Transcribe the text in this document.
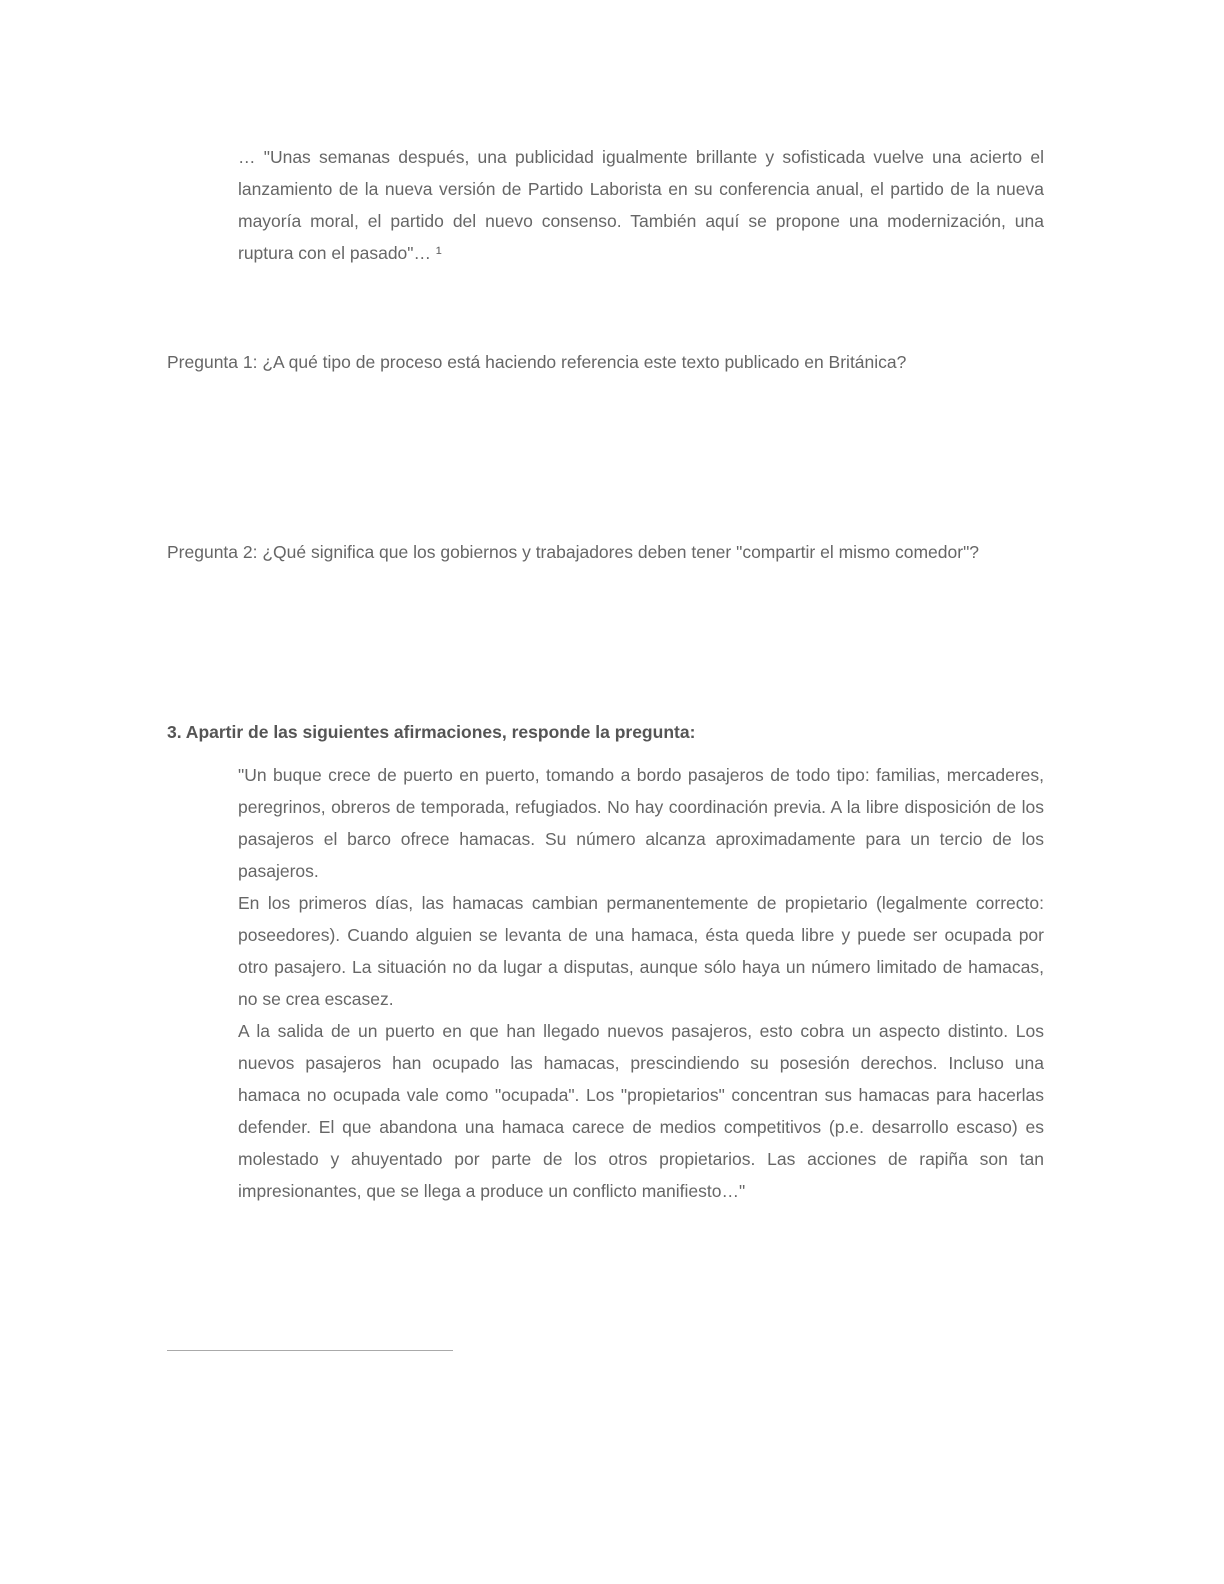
… "Unas semanas después, una publicidad igualmente brillante y sofisticada vuelve una acierto el lanzamiento de la nueva versión de Partido Laborista en su conferencia anual, el partido de la nueva mayoría moral, el partido del nuevo consenso. También aquí se propone una modernización, una ruptura con el pasado"… ¹

Pregunta 1: ¿A qué tipo de proceso está haciendo referencia este texto publicado en Británica?

Pregunta 2: ¿Qué significa que los gobiernos y trabajadores deben tener "compartir el mismo comedor"?

3. Apartir de las siguientes afirmaciones, responde la pregunta:

"Un buque crece de puerto en puerto, tomando a bordo pasajeros de todo tipo: familias, mercaderes, peregrinos, obreros de temporada, refugiados. No hay coordinación previa. A la libre disposición de los pasajeros el barco ofrece hamacas. Su número alcanza aproximadamente para un tercio de los pasajeros.

En los primeros días, las hamacas cambian permanentemente de propietario (legalmente correcto: poseedores). Cuando alguien se levanta de una hamaca, ésta queda libre y puede ser ocupada por otro pasajero. La situación no da lugar a disputas, aunque sólo haya un número limitado de hamacas, no se crea escasez.

A la salida de un puerto en que han llegado nuevos pasajeros, esto cobra un aspecto distinto. Los nuevos pasajeros han ocupado las hamacas, prescindiendo su posesión derechos. Incluso una hamaca no ocupada vale como "ocupada". Los "propietarios" concentran sus hamacas para hacerlas defender. El que abandona una hamaca carece de medios competitivos (p.e. desarrollo escaso) es molestado y ahuyentado por parte de los otros propietarios. Las acciones de rapiña son tan impresionantes, que se llega a produce un conflicto manifiesto…"
